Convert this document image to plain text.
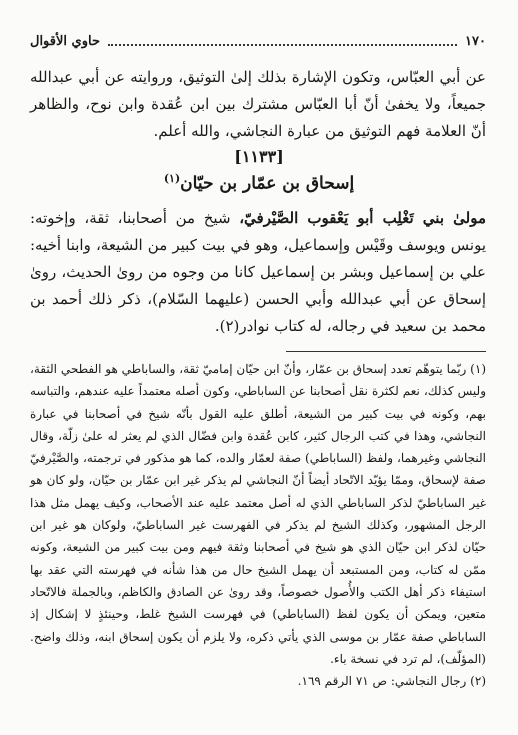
١٧٠
حاوي الأقوال
عن أبي العبّاس، وتكون الإشارة بذلك إلىٰ التوثيق، وروايته عن أبي عبدالله جميعاً، ولا يخفىٰ أنّ أبا العبّاس مشترك بين ابن عُقدة وابن نوح، والظاهر أنّ العلامة فهم التوثيق من عبارة النجاشي، والله أعلم.
[١١٣٣]
إسحاق بن عمّار بن حيّان$^{(١)}$
مولىٰ بني تَغْلِب أبو يَعْقوب الصَّيْرفيّ، شيخ من أصحابنا، ثقة، وإخوته: يونس ويوسف وقَيْس وإسماعيل، وهو في بيت كبير من الشيعة، وابنا أخيه: علي بن إسماعيل وبشر بن إسماعيل كانا من وجوه من روىٰ الحديث، روىٰ إسحاق عن أبي عبدالله وأبي الحسن (عليهما السّلام)، ذكر ذلك أحمد بن محمد بن سعيد في رجاله، له كتاب نوادر(٢).

(١) ربّما يتوهّم تعدد إسحاق بن عمّار، وأنّ ابن حيّان إماميّ ثقة، والساباطي هو الفطحي الثقة، وليس كذلك، نعم لكثرة نقل أصحابنا عن الساباطي، وكون أصله معتمداً عليه عندهم، والتباسه بهم، وكونه في بيت كبير من الشيعة، أطلق عليه القول بأنّه شيخ في أصحابنا في عبارة النجاشي، وهذا في كتب الرجال كثير، كابن عُقدة وابن فضّال الذي لم يعثر له علىٰ زلّة، وقال النجاشي وغيرهما، ولفظ (الساباطي) صفة لعمّار والده، كما هو مذكور في ترجمته، والصَّيْرفيّ صفة لإسحاق، وممّا يؤيّد الاتّحاد أيضاً أنّ النجاشي لم يذكر غير ابن عمّار بن حيّان، ولو كان هو غير الساباطيّ لذكر الساباطي الذي له أصل معتمد عليه عند الأصحاب، وكيف يهمل مثل هذا الرجل المشهور، وكذلك الشيخ لم يذكر في الفهرست غير الساباطيّ، ولوكان هو غير ابن حيّان لذكر ابن حيّان الذي هو شيخ في أصحابنا وثقة فيهم ومن بيت كبير من الشيعة، وكونه ممّن له كتاب، ومن المستبعد أن يهمل الشيخ حال من هذا شأنه في فهرسته التي عقد بها استيفاء ذكر أهل الكتب والأُصول خصوصاً، وقد روىٰ عن الصادق والكاظم، وبالجملة فالاتّحاد متعين، ويمكن أن يكون لفظ (الساباطي) في فهرست الشيخ غلط، وحينئذٍ لا إشكال إذ الساباطي صفة عمّار بن موسى الذي يأتي ذكره، ولا يلزم أن يكون إسحاق ابنه، وذلك واضح. (المؤلّف)، لم ترد في نسخة باء.

(٢) رجال النجاشي: ص ٧١ الرقم ١٦٩.
